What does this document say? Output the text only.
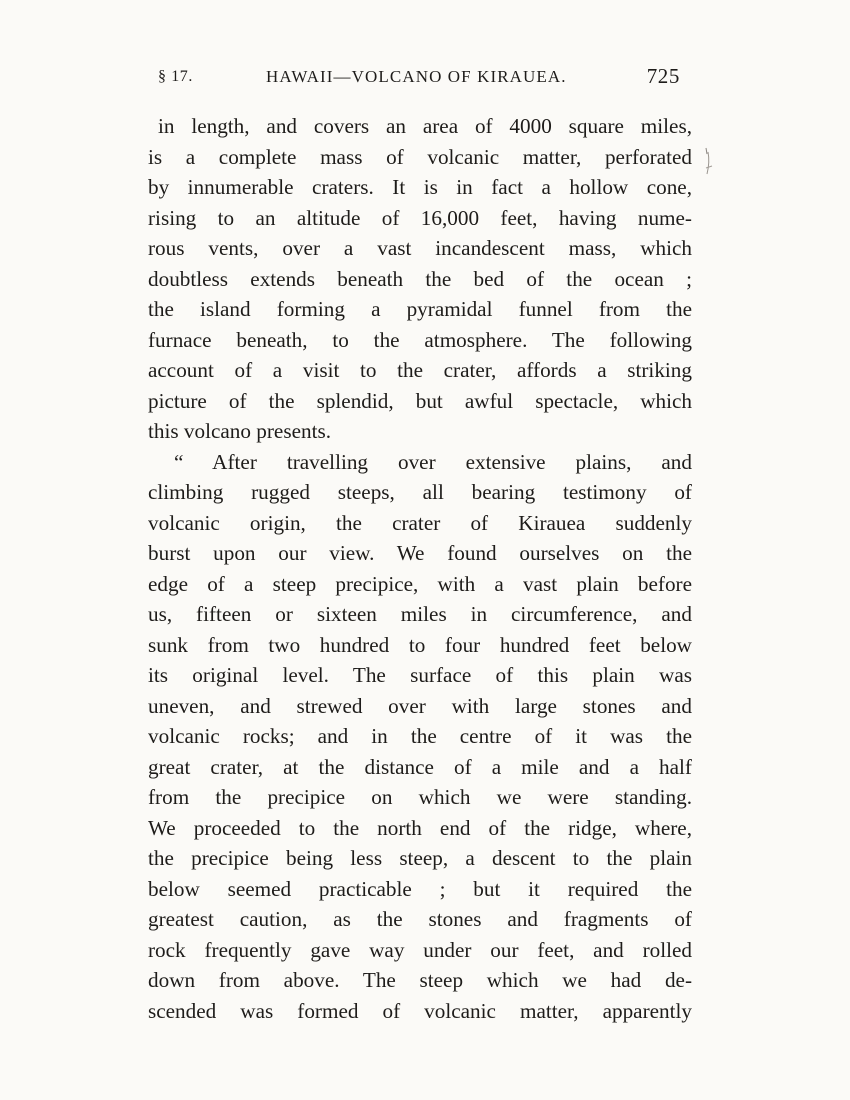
§ 17.	HAWAII—VOLCANO OF KIRAUEA.	725
in length, and covers an area of 4000 square miles,
is a complete mass of volcanic matter, perforated
by innumerable craters. It is in fact a hollow cone,
rising to an altitude of 16,000 feet, having nume-
rous vents, over a vast incandescent mass, which
doubtless extends beneath the bed of the ocean ;
the island forming a pyramidal funnel from the
furnace beneath, to the atmosphere. The following
account of a visit to the crater, affords a striking
picture of the splendid, but awful spectacle, which
this volcano presents.
“ After travelling over extensive plains, and
climbing rugged steeps, all bearing testimony of
volcanic origin, the crater of Kirauea suddenly
burst upon our view. We found ourselves on the
edge of a steep precipice, with a vast plain before
us, fifteen or sixteen miles in circumference, and
sunk from two hundred to four hundred feet below
its original level. The surface of this plain was
uneven, and strewed over with large stones and
volcanic rocks; and in the centre of it was the
great crater, at the distance of a mile and a half
from the precipice on which we were standing.
We proceeded to the north end of the ridge, where,
the precipice being less steep, a descent to the plain
below seemed practicable ; but it required the
greatest caution, as the stones and fragments of
rock frequently gave way under our feet, and rolled
down from above. The steep which we had de-
scended was formed of volcanic matter, apparently
